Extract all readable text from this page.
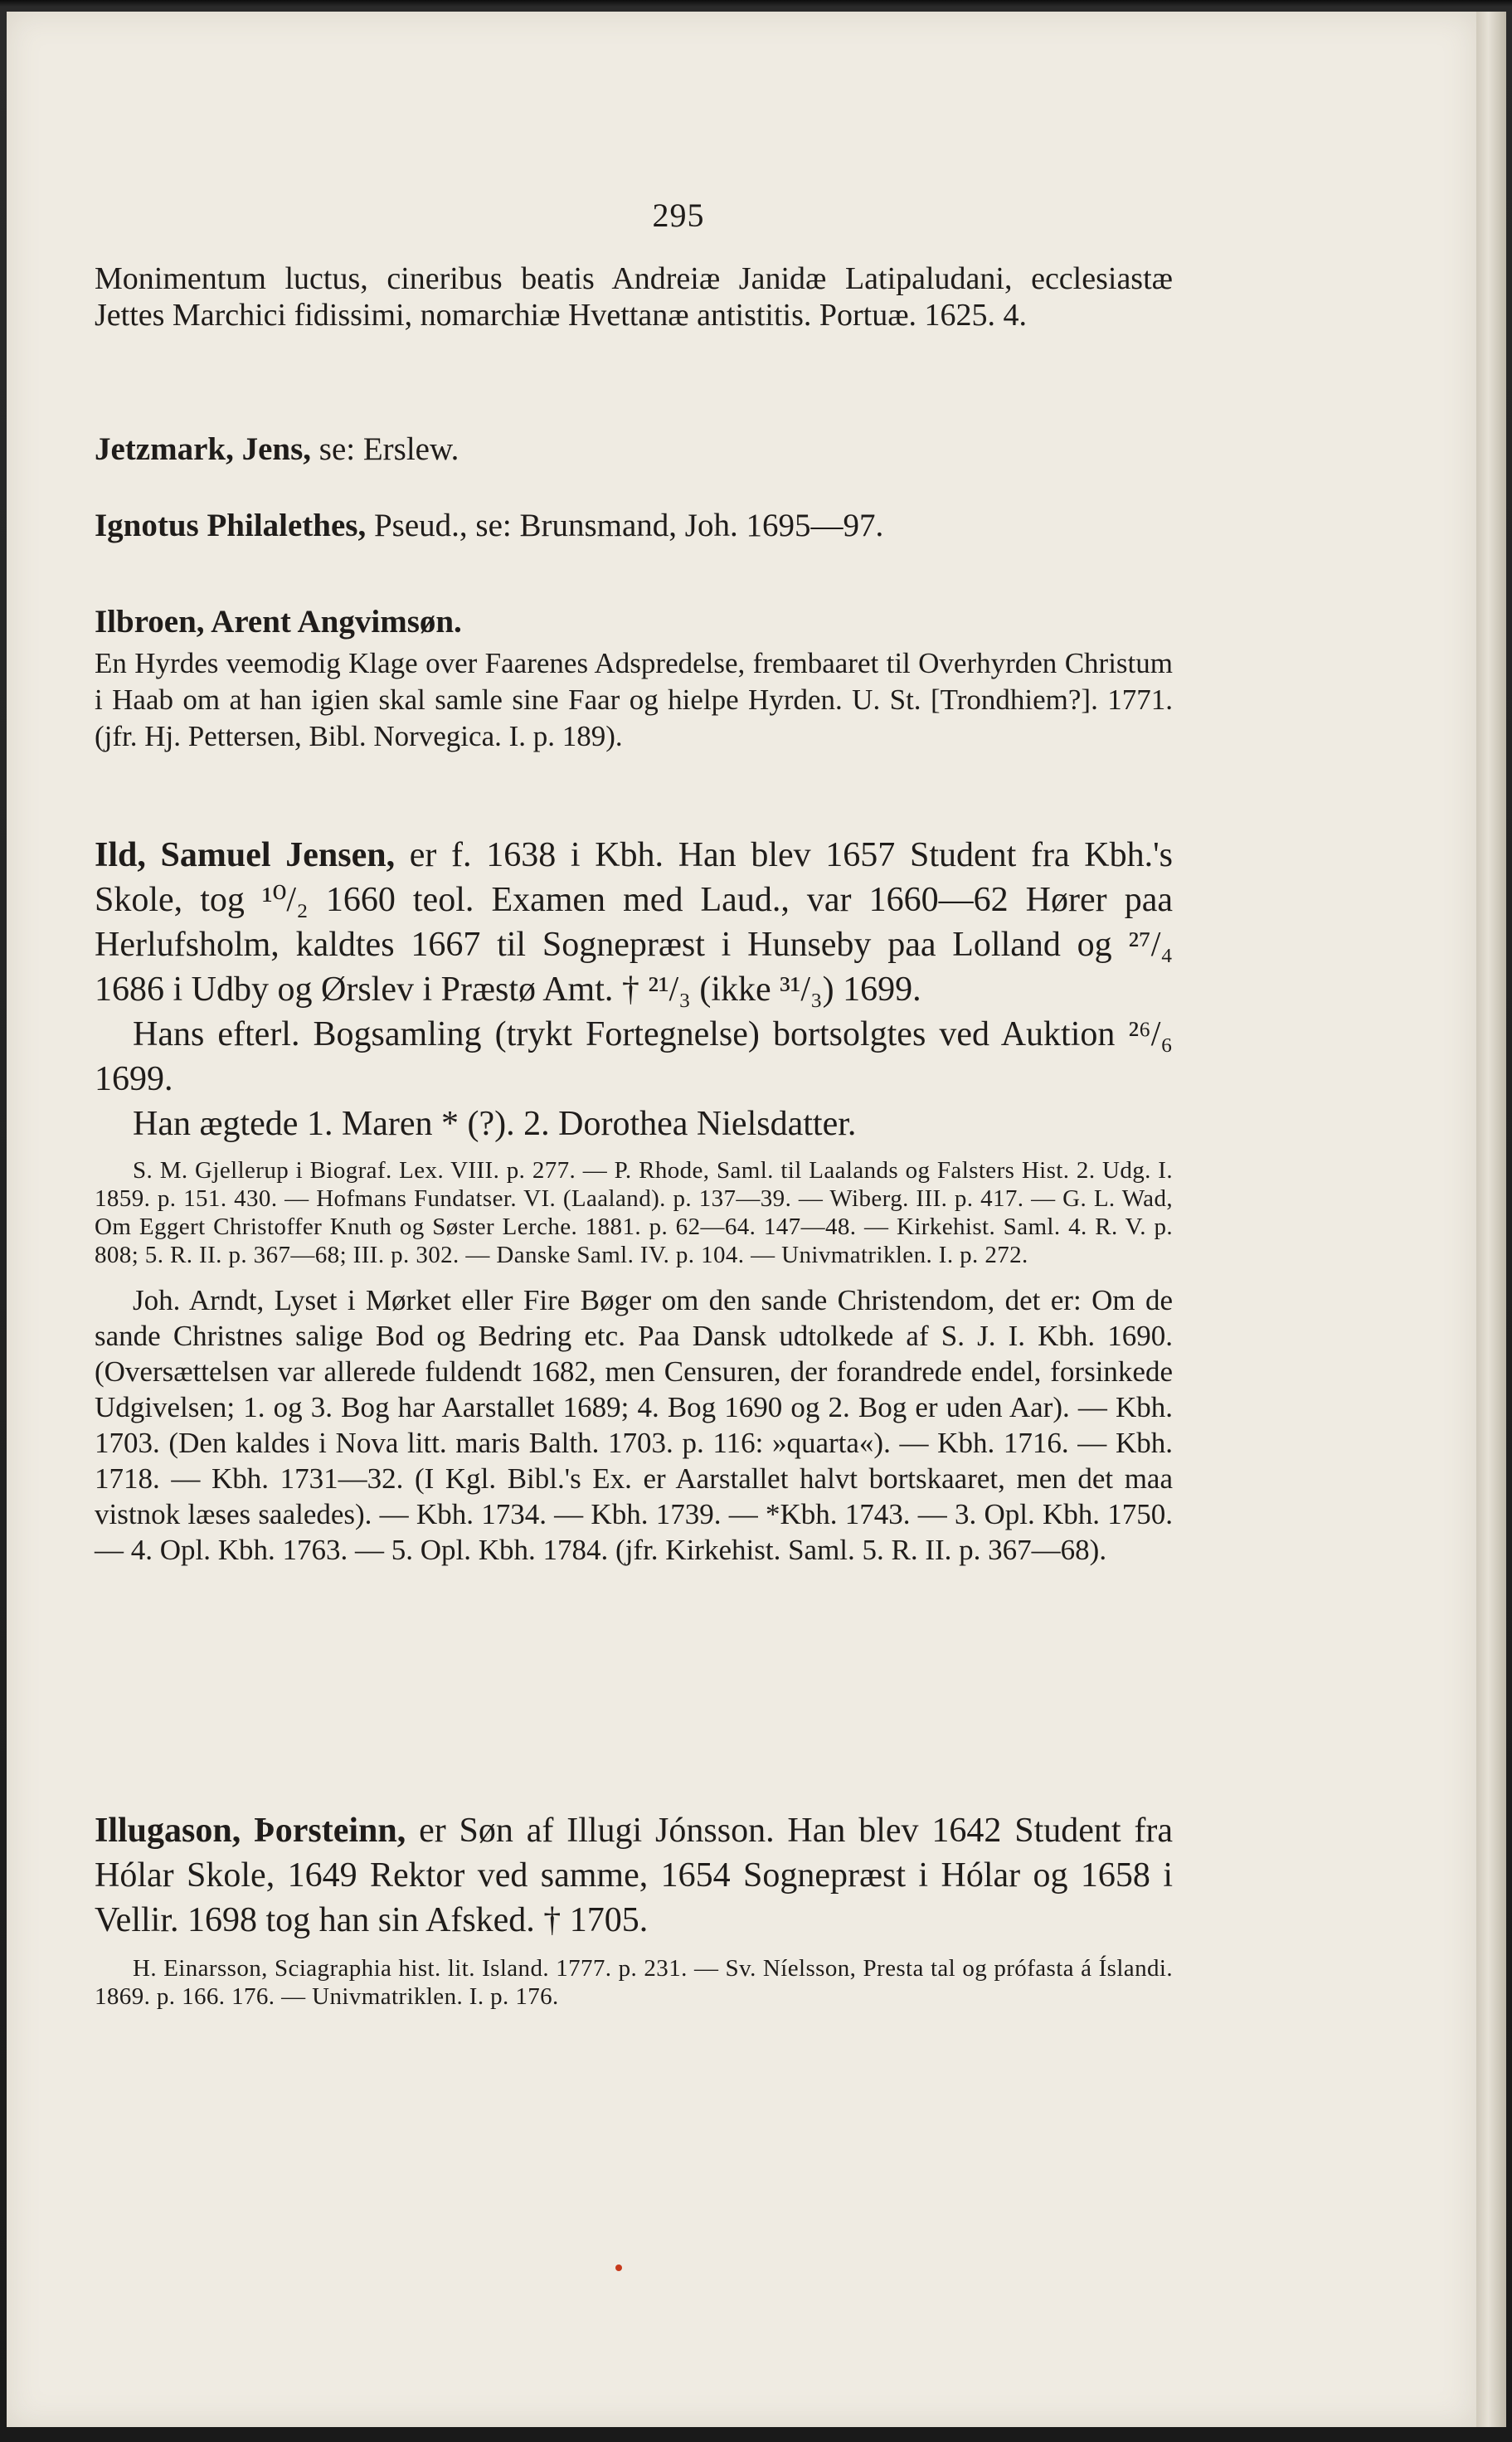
295

Monimentum luctus, cineribus beatis Andreiæ Janidæ Latipaludani, ecclesiastæ Jettes Marchici fidissimi, nomarchiæ Hvettanæ antistitis. Portuæ. 1625. 4.

Jetzmark, Jens, se: Erslew.

Ignotus Philalethes, Pseud., se: Brunsmand, Joh. 1695—97.

Ilbroen, Arent Angvimsøn.

En Hyrdes veemodig Klage over Faarenes Adspredelse, frembaaret til Overhyrden Christum i Haab om at han igien skal samle sine Faar og hielpe Hyrden. U. St. [Trondhiem?]. 1771. (jfr. Hj. Pettersen, Bibl. Norvegica. I. p. 189).

Ild, Samuel Jensen, er f. 1638 i Kbh. Han blev 1657 Student fra Kbh.'s Skole, tog ¹⁰/₂ 1660 teol. Examen med Laud., var 1660—62 Hører paa Herlufsholm, kaldtes 1667 til Sognepræst i Hunseby paa Lolland og ²⁷/₄ 1686 i Udby og Ørslev i Præstø Amt. † ²¹/₃ (ikke ³¹/₃) 1699.

Hans efterl. Bogsamling (trykt Fortegnelse) bortsolgtes ved Auktion ²⁶/₆ 1699.

Han ægtede 1. Maren * (?). 2. Dorothea Nielsdatter.

S. M. Gjellerup i Biograf. Lex. VIII. p. 277. — P. Rhode, Saml. til Laalands og Falsters Hist. 2. Udg. I. 1859. p. 151. 430. — Hofmans Fundatser. VI. (Laaland). p. 137—39. — Wiberg. III. p. 417. — G. L. Wad, Om Eggert Christoffer Knuth og Søster Lerche. 1881. p. 62—64. 147—48. — Kirkehist. Saml. 4. R. V. p. 808; 5. R. II. p. 367—68; III. p. 302. — Danske Saml. IV. p. 104. — Univmatriklen. I. p. 272.

Joh. Arndt, Lyset i Mørket eller Fire Bøger om den sande Christendom, det er: Om de sande Christnes salige Bod og Bedring etc. Paa Dansk udtolkede af S. J. I. Kbh. 1690. (Oversættelsen var allerede fuldendt 1682, men Censuren, der forandrede endel, forsinkede Udgivelsen; 1. og 3. Bog har Aarstallet 1689; 4. Bog 1690 og 2. Bog er uden Aar). — Kbh. 1703. (Den kaldes i Nova litt. maris Balth. 1703. p. 116: »quarta«). — Kbh. 1716. — Kbh. 1718. — Kbh. 1731—32. (I Kgl. Bibl.'s Ex. er Aarstallet halvt bortskaaret, men det maa vistnok læses saaledes). — Kbh. 1734. — Kbh. 1739. — *Kbh. 1743. — 3. Opl. Kbh. 1750. — 4. Opl. Kbh. 1763. — 5. Opl. Kbh. 1784. (jfr. Kirkehist. Saml. 5. R. II. p. 367—68).

Illugason, Þorsteinn, er Søn af Illugi Jónsson. Han blev 1642 Student fra Hólar Skole, 1649 Rektor ved samme, 1654 Sognepræst i Hólar og 1658 i Vellir. 1698 tog han sin Afsked. † 1705.

H. Einarsson, Sciagraphia hist. lit. Island. 1777. p. 231. — Sv. Níelsson, Presta tal og prófasta á Íslandi. 1869. p. 166. 176. — Univmatriklen. I. p. 176.
